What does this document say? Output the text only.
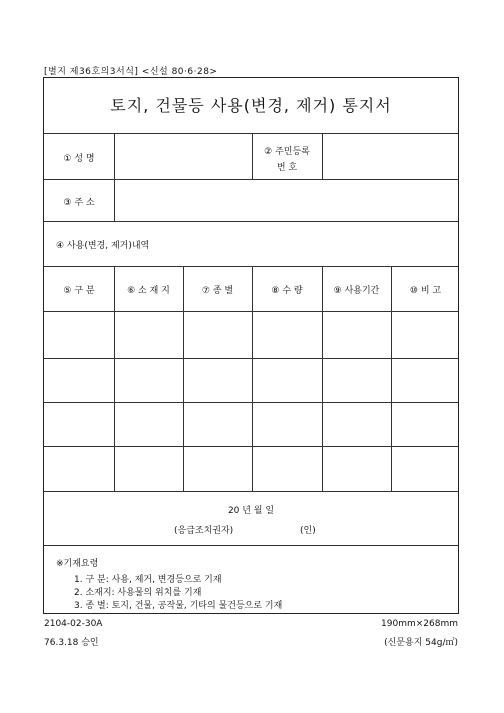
[별지 제36호의3서식] <신설 80·6·28>
토지, 건물등 사용(변경, 제거) 통지서
① 성 명
② 주민등록
번 호
③ 주 소
④ 사용(변경, 제거)내역
⑤ 구 분	⑥ 소 재 지	⑦ 종 별	⑧ 수 량	⑨ 사용기간	⑩ 비 고
20 년 월 일
(응급조치권자)	(인)
※기재요령
1. 구 분: 사용, 제거, 변경등으로 기재
2. 소재지: 사용물의 위치를 기재
3. 종 별: 토지, 건물, 공작물, 기타의 물건등으로 기재
2104-02-30A
76.3.18 승인
190mm×268mm
(신문용지 54g/㎡)
